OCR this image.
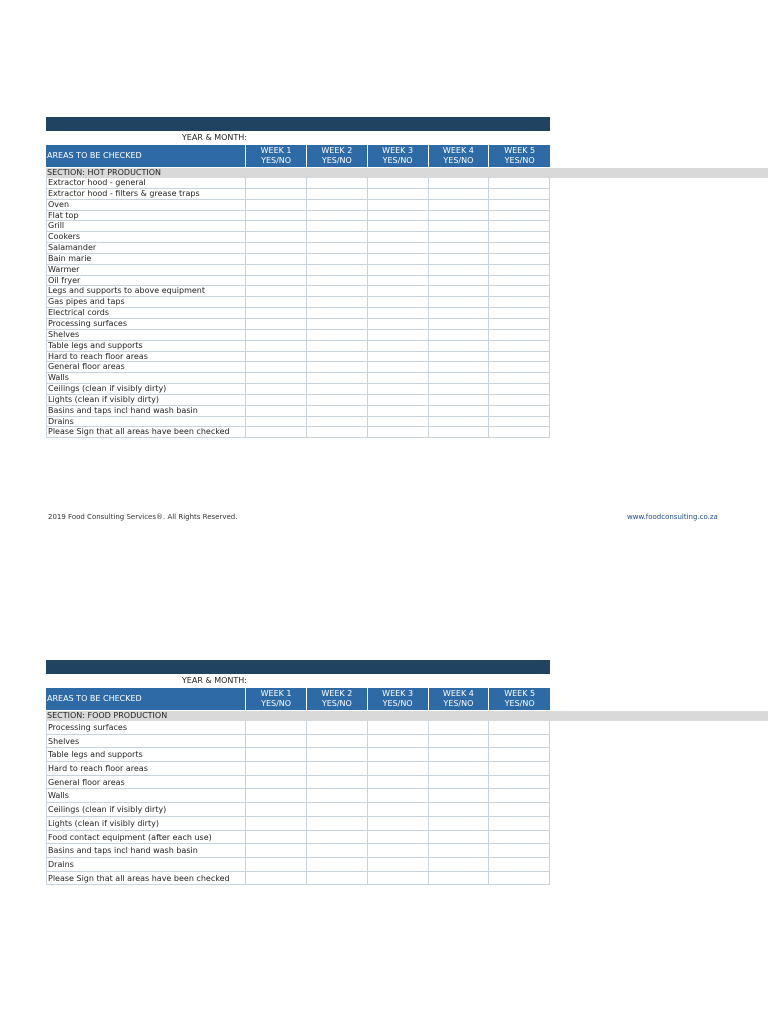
YEAR & MONTH:
AREAS TO BE CHECKED
WEEK 1
YES/NO
WEEK 2
YES/NO
WEEK 3
YES/NO
WEEK 4
YES/NO
WEEK 5
YES/NO
SECTION: HOT PRODUCTION
Extractor hood - general
Extractor hood - filters & grease traps
Oven
Flat top
Grill
Cookers
Salamander
Bain marie
Warmer
Oil fryer
Legs and supports to above equipment
Gas pipes and taps
Electrical cords
Processing surfaces
Shelves
Table legs and supports
Hard to reach floor areas
General floor areas
Walls
Ceilings (clean if visibly dirty)
Lights (clean if visibly dirty)
Basins and taps incl hand wash basin
Drains
Please Sign that all areas have been checked
2019 Food Consulting Services®. All Rights Reserved.	www.foodconsulting.co.za
YEAR & MONTH:
AREAS TO BE CHECKED
WEEK 1
YES/NO
WEEK 2
YES/NO
WEEK 3
YES/NO
WEEK 4
YES/NO
WEEK 5
YES/NO
SECTION: FOOD PRODUCTION
Processing surfaces
Shelves
Table legs and supports
Hard to reach floor areas
General floor areas
Walls
Ceilings (clean if visibly dirty)
Lights (clean if visibly dirty)
Food contact equipment (after each use)
Basins and taps incl hand wash basin
Drains
Please Sign that all areas have been checked
